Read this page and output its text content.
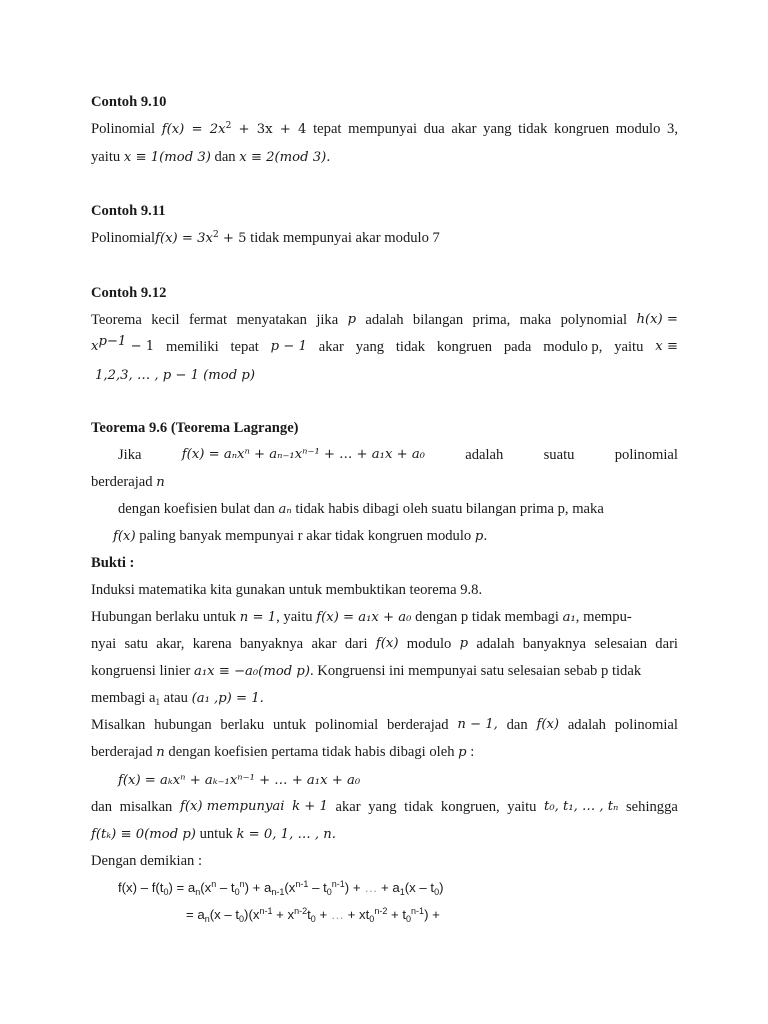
Contoh 9.10
Polinomial $f(x) = 2x^2 + 3x + 4$ tepat mempunyai dua akar yang tidak kongruen modulo 3,
yaitu x ≡ 1(mod 3) dan x ≡ 2(mod 3).
Contoh 9.11
Polinomialf(x) = $3x^2 + 5$ tidak mempunyai akar modulo 7
Contoh 9.12
Teorema kecil fermat menyatakan jika p adalah bilangan prima, maka polynomial h(x) =
$x^{p-1} - 1$ memiliki tepat p − 1 akar yang tidak kongruen pada modulo p, yaitu x ≡
1,2,3, … , p − 1 (mod p)
Teorema 9.6 (Teorema Lagrange)
Jika	f(x) = aₙxⁿ + aₙ₋₁xⁿ⁻¹ + … + a₁x + a₀	adalah	suatu	polinomial
berderajad n
dengan koefisien bulat dan aₙ tidak habis dibagi oleh suatu bilangan prima p, maka
f(x) paling banyak mempunyai r akar tidak kongruen modulo p.
Bukti :
Induksi matematika kita gunakan untuk membuktikan teorema 9.8.
Hubungan berlaku untuk n = 1, yaitu f(x) = a₁x + a₀ dengan p tidak membagi a₁, mempu-
nyai satu akar, karena banyaknya akar dari f(x) modulo p adalah banyaknya selesaian dari
kongruensi linier a₁x ≡ −a₀(mod p). Kongruensi ini mempunyai satu selesaian sebab p tidak
membagi $a_1$ atau (a₁ ,p) = 1.
Misalkan hubungan berlaku untuk polinomial berderajad n − 1, dan f(x) adalah polinomial
berderajad n dengan koefisien pertama tidak habis dibagi oleh p :
f(x) = aₖxⁿ + aₖ₋₁xⁿ⁻¹ + … + a₁x + a₀
dan misalkan f(x) mempunyai k + 1 akar yang tidak kongruen, yaitu t₀, t₁, … , tₙ sehingga
f(tₖ) ≡ 0(mod p) untuk k = 0, 1, … , n.
Dengan demikian :
$f(x) - f(t_0) = a_n(x^n - t_0^n) + a_{n-1}(x^{n-1} - t_0^{n-1})$ + … + $a_1(x - t_0)$
= $a_n(x - t_0)(x^{n-1} + x^{n-2}t_0$ + … + $xt_0^{n-2} + t_0^{n-1}$) +
